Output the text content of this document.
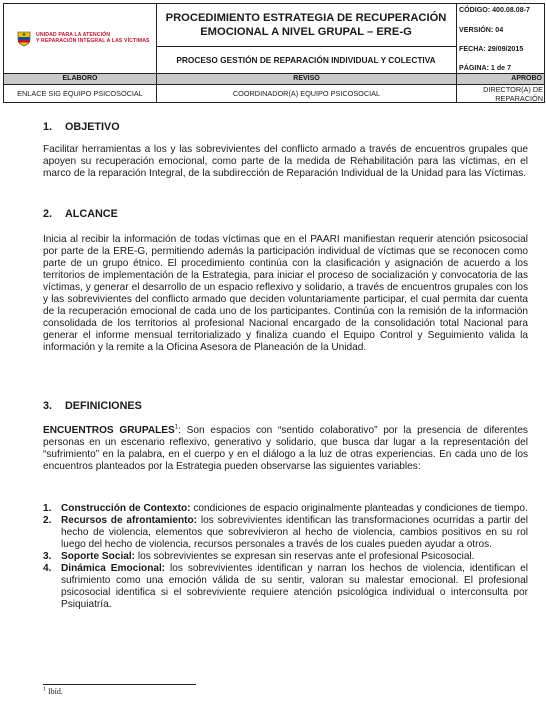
UNIDAD PARA LA ATENCIÓN
Y REPARACIÓN INTEGRAL A LAS VÍCTIMAS
PROCEDIMIENTO ESTRATEGIA DE RECUPERACIÓN EMOCIONAL A NIVEL GRUPAL – ERE-G
PROCESO GESTIÓN DE REPARACIÓN INDIVIDUAL Y COLECTIVA
CÓDIGO: 400.08.08-7
VERSIÓN: 04
FECHA: 29/09/2015
PÁGINA: 1 de 7
ELABORÓ	REVISÓ	APROBÓ
ENLACE SIG EQUIPO PSICOSOCIAL	COORDINADOR(A) EQUIPO PSICOSOCIAL	DIRECTOR(A) DE
REPARACIÓN
1. OBJETIVO
Facilitar herramientas a los y las sobrevivientes del conflicto armado a través de encuentros grupales que apoyen su recuperación emocional, como parte de la medida de Rehabilitación para las víctimas, en el marco de la reparación Integral, de la subdirección de Reparación Individual de la Unidad para las Víctimas.
2. ALCANCE
Inicia al recibir la información de todas víctimas que en el PAARI manifiestan requerir atención psicosocial por parte de la ERE-G, permitiendo además la participación individual de víctimas que se reconocen como parte de un grupo étnico. El procedimiento continúa con la clasificación y asignación de acuerdo a los territorios de implementación de la Estrategia, para iniciar el proceso de socialización y convocatoria de las víctimas, y generar el desarrollo de un espacio reflexivo y solidario, a través de encuentros grupales con los y las sobrevivientes del conflicto armado que deciden voluntariamente participar, el cual permita dar cuenta de la recuperación emocional de cada uno de los participantes. Continúa con la remisión de la información consolidada de los territorios al profesional Nacional encargado de la consolidación total Nacional para generar el informe mensual territorializado y finaliza cuando el Equipo Control y Seguimiento valida la información y la remite a la Oficina Asesora de Planeación de la Unidad.
3. DEFINICIONES
ENCUENTROS GRUPALES$^1$: Son espacios con “sentido colaborativo” por la presencia de diferentes personas en un escenario reflexivo, generativo y solidario, que busca dar lugar a la representación del “sufrimiento” en la palabra, en el cuerpo y en el diálogo a la luz de otras experiencias. En cada uno de los encuentros planteados por la Estrategia pueden observarse las siguientes variables:
1. Construcción de Contexto: condiciones de espacio originalmente planteadas y condiciones de tiempo.
2. Recursos de afrontamiento: los sobrevivientes identifican las transformaciones ocurridas a partir del hecho de violencia, elementos que sobrevivieron al hecho de violencia, cambios positivos en su rol luego del hecho de violencia, recursos personales a través de los cuales pueden ayudar a otros.
3. Soporte Social: los sobrevivientes se expresan sin reservas ante el profesional Psicosocial.
4. Dinámica Emocional: los sobrevivientes identifican y narran los hechos de violencia, identifican el sufrimiento como una emoción válida de su sentir, valoran su malestar emocional. El profesional psicosocial identifica si el sobreviviente requiere atención psicológica individual o interconsulta por Psiquiatría.
$^1$ Ibíd.
